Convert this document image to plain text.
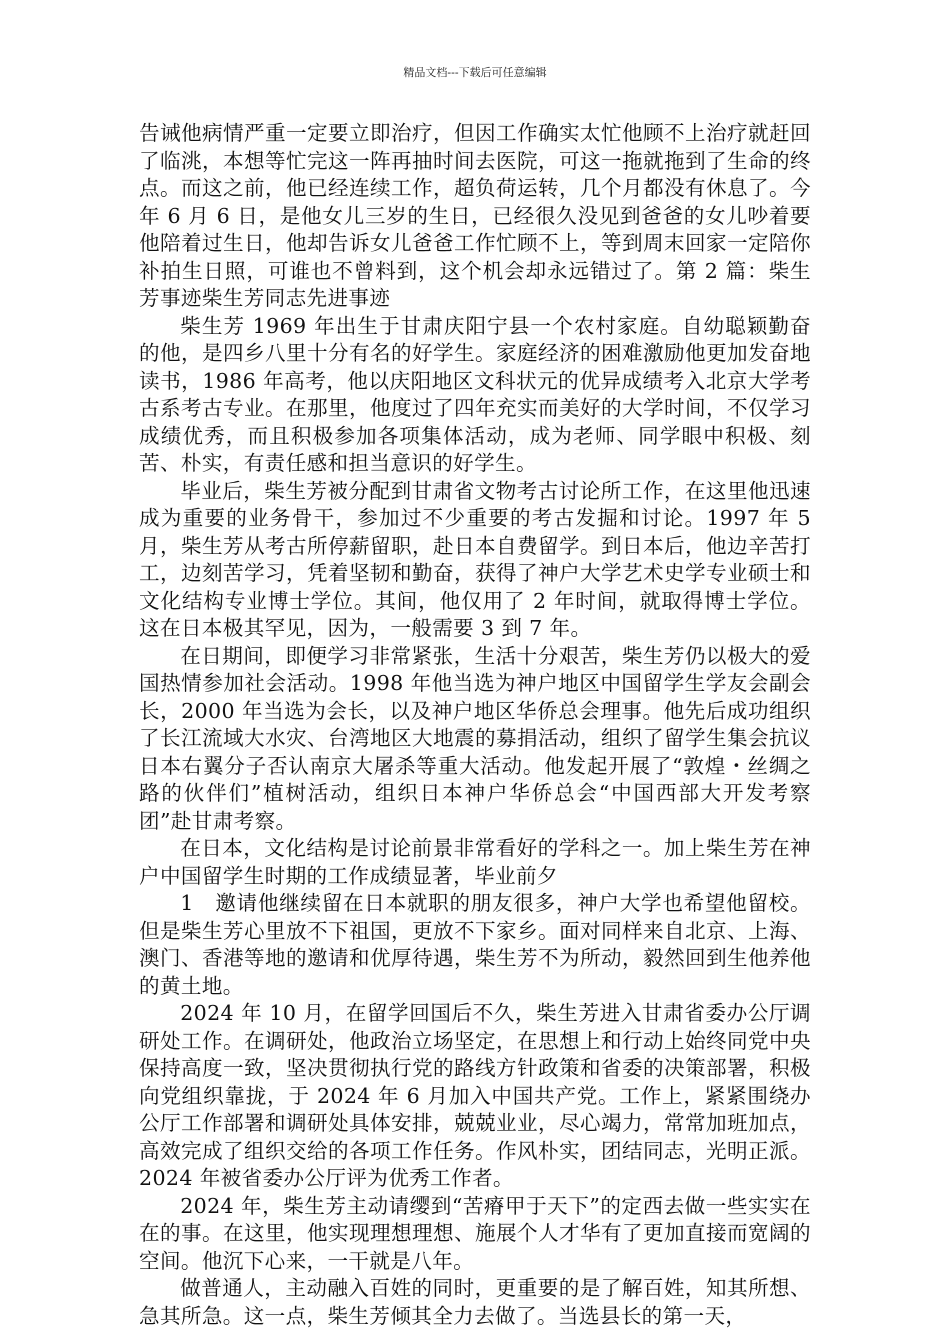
精品文档---下载后可任意编辑

告诫他病情严重一定要立即治疗，但因工作确实太忙他顾不上治疗就赶回了临洮，本想等忙完这一阵再抽时间去医院，可这一拖就拖到了生命的终点。而这之前，他已经连续工作，超负荷运转，几个月都没有休息了。今年 6 月 6 日，是他女儿三岁的生日，已经很久没见到爸爸的女儿吵着要他陪着过生日，他却告诉女儿爸爸工作忙顾不上，等到周末回家一定陪你补拍生日照，可谁也不曾料到，这个机会却永远错过了。第 2 篇：柴生芳事迹柴生芳同志先进事迹

柴生芳 1969 年出生于甘肃庆阳宁县一个农村家庭。自幼聪颖勤奋的他，是四乡八里十分有名的好学生。家庭经济的困难激励他更加发奋地读书，1986 年高考，他以庆阳地区文科状元的优异成绩考入北京大学考古系考古专业。在那里，他度过了四年充实而美好的大学时间，不仅学习成绩优秀，而且积极参加各项集体活动，成为老师、同学眼中积极、刻苦、朴实，有责任感和担当意识的好学生。

毕业后，柴生芳被分配到甘肃省文物考古讨论所工作，在这里他迅速成为重要的业务骨干，参加过不少重要的考古发掘和讨论。1997 年 5 月，柴生芳从考古所停薪留职，赴日本自费留学。到日本后，他边辛苦打工，边刻苦学习，凭着坚韧和勤奋，获得了神户大学艺术史学专业硕士和文化结构专业博士学位。其间，他仅用了 2 年时间，就取得博士学位。这在日本极其罕见，因为，一般需要 3 到 7 年。

在日期间，即便学习非常紧张，生活十分艰苦，柴生芳仍以极大的爱国热情参加社会活动。1998 年他当选为神户地区中国留学生学友会副会长，2000 年当选为会长，以及神户地区华侨总会理事。他先后成功组织了长江流域大水灾、台湾地区大地震的募捐活动，组织了留学生集会抗议日本右翼分子否认南京大屠杀等重大活动。他发起开展了“敦煌・丝绸之路的伙伴们”植树活动，组织日本神户华侨总会“中国西部大开发考察团”赴甘肃考察。

在日本，文化结构是讨论前景非常看好的学科之一。加上柴生芳在神户中国留学生时期的工作成绩显著，毕业前夕

1　邀请他继续留在日本就职的朋友很多，神户大学也希望他留校。但是柴生芳心里放不下祖国，更放不下家乡。面对同样来自北京、上海、澳门、香港等地的邀请和优厚待遇，柴生芳不为所动，毅然回到生他养他的黄土地。

2024 年 10 月，在留学回国后不久，柴生芳进入甘肃省委办公厅调研处工作。在调研处，他政治立场坚定，在思想上和行动上始终同党中央保持高度一致，坚决贯彻执行党的路线方针政策和省委的决策部署，积极向党组织靠拢，于 2024 年 6 月加入中国共产党。工作上，紧紧围绕办公厅工作部署和调研处具体安排，兢兢业业，尽心竭力，常常加班加点，高效完成了组织交给的各项工作任务。作风朴实，团结同志，光明正派。2024 年被省委办公厅评为优秀工作者。

2024 年，柴生芳主动请缨到“苦瘠甲于天下”的定西去做一些实实在在的事。在这里，他实现理想理想、施展个人才华有了更加直接而宽阔的空间。他沉下心来，一干就是八年。

做普通人，主动融入百姓的同时，更重要的是了解百姓，知其所想、急其所急。这一点，柴生芳倾其全力去做了。当选县长的第一天，
